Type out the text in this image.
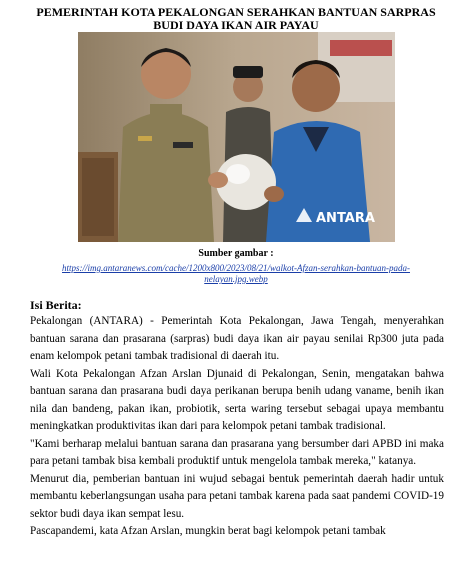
PEMERINTAH KOTA PEKALONGAN SERAHKAN BANTUAN SARPRAS
BUDI DAYA IKAN AIR PAYAU
ANTARA
Sumber gambar :
https://img.antaranews.com/cache/1200x800/2023/08/21/walkot-Afzan-serahkan-bantuan-pada-
nelayan.jpg.webp
Isi Berita:

Pekalongan (ANTARA) - Pemerintah Kota Pekalongan, Jawa Tengah, menyerahkan bantuan sarana dan prasarana (sarpras) budi daya ikan air payau senilai Rp300 juta pada enam kelompok petani tambak tradisional di daerah itu.

Wali Kota Pekalongan Afzan Arslan Djunaid di Pekalongan, Senin, mengatakan bahwa bantuan sarana dan prasarana budi daya perikanan berupa benih udang vaname, benih ikan nila dan bandeng, pakan ikan, probiotik, serta waring tersebut sebagai upaya membantu meningkatkan produktivitas ikan dari para kelompok petani tambak tradisional.

"Kami berharap melalui bantuan sarana dan prasarana yang bersumber dari APBD ini maka para petani tambak bisa kembali produktif untuk mengelola tambak mereka," katanya.

Menurut dia, pemberian bantuan ini wujud sebagai bentuk pemerintah daerah hadir untuk membantu keberlangsungan usaha para petani tambak karena pada saat pandemi COVID-19 sektor budi daya ikan sempat lesu.

Pascapandemi, kata Afzan Arslan, mungkin berat bagi kelompok petani tambak
